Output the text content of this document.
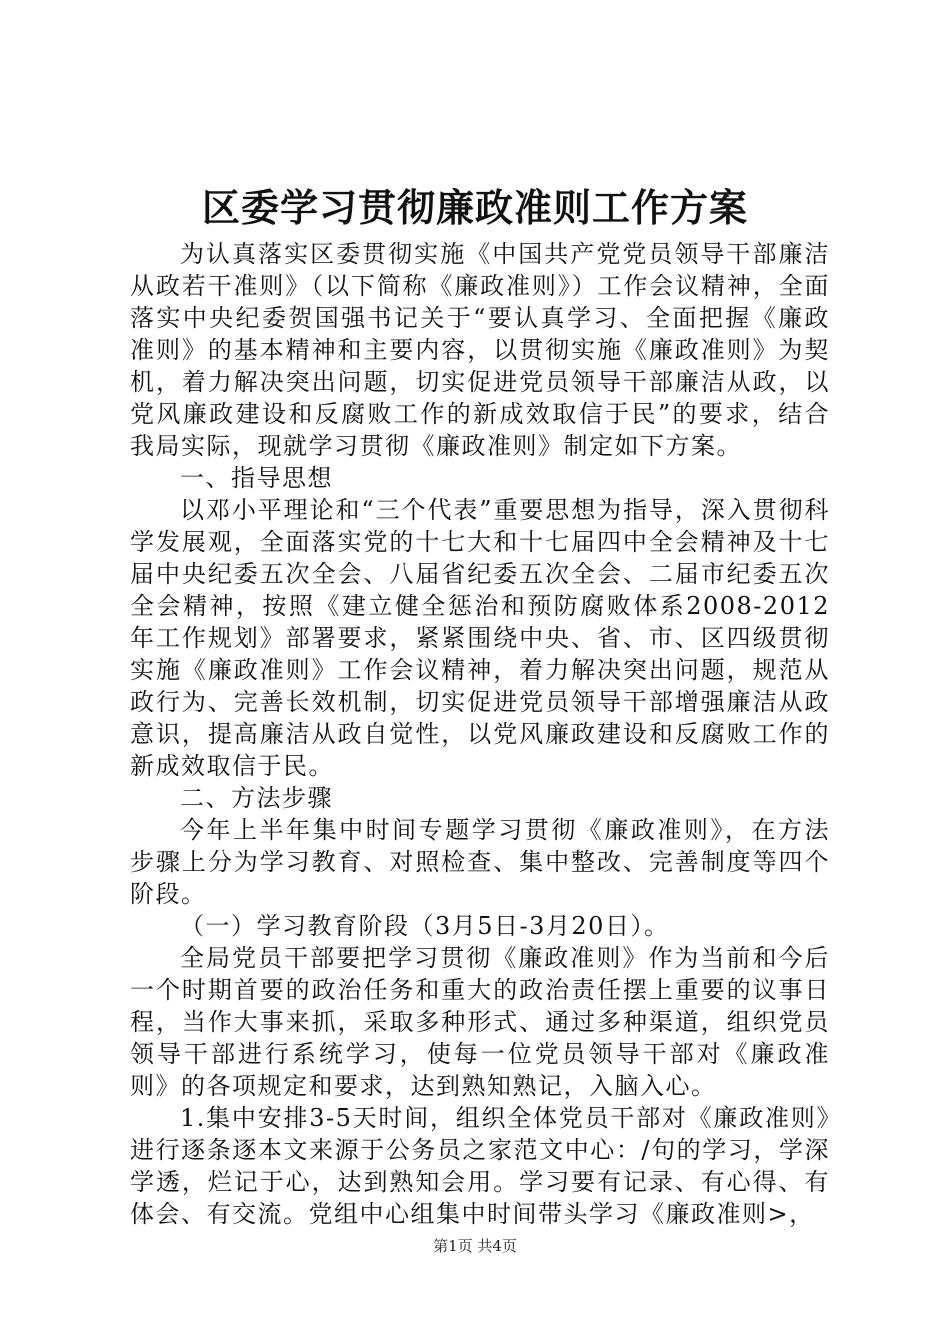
区委学习贯彻廉政准则工作方案

为认真落实区委贯彻实施《中国共产党党员领导干部廉洁从政若干准则》（以下简称《廉政准则》）工作会议精神，全面落实中央纪委贺国强书记关于“要认真学习、全面把握《廉政准则》的基本精神和主要内容，以贯彻实施《廉政准则》为契机，着力解决突出问题，切实促进党员领导干部廉洁从政，以党风廉政建设和反腐败工作的新成效取信于民”的要求，结合我局实际，现就学习贯彻《廉政准则》制定如下方案。

一、指导思想

以邓小平理论和“三个代表”重要思想为指导，深入贯彻科学发展观，全面落实党的十七大和十七届四中全会精神及十七届中央纪委五次全会、八届省纪委五次全会、二届市纪委五次全会精神，按照《建立健全惩治和预防腐败体系2008-2012年工作规划》部署要求，紧紧围绕中央、省、市、区四级贯彻实施《廉政准则》工作会议精神，着力解决突出问题，规范从政行为、完善长效机制，切实促进党员领导干部增强廉洁从政意识，提高廉洁从政自觉性，以党风廉政建设和反腐败工作的新成效取信于民。

二、方法步骤

今年上半年集中时间专题学习贯彻《廉政准则》，在方法步骤上分为学习教育、对照检查、集中整改、完善制度等四个阶段。

（一）学习教育阶段（3月5日-3月20日）。

全局党员干部要把学习贯彻《廉政准则》作为当前和今后一个时期首要的政治任务和重大的政治责任摆上重要的议事日程，当作大事来抓，采取多种形式、通过多种渠道，组织党员领导干部进行系统学习，使每一位党员领导干部对《廉政准则》的各项规定和要求，达到熟知熟记，入脑入心。

1.集中安排3-5天时间，组织全体党员干部对《廉政准则》进行逐条逐本文来源于公务员之家范文中心：/句的学习，学深学透，烂记于心，达到熟知会用。学习要有记录、有心得、有体会、有交流。党组中心组集中时间带头学习《廉政准则>，

第1页 共4页
